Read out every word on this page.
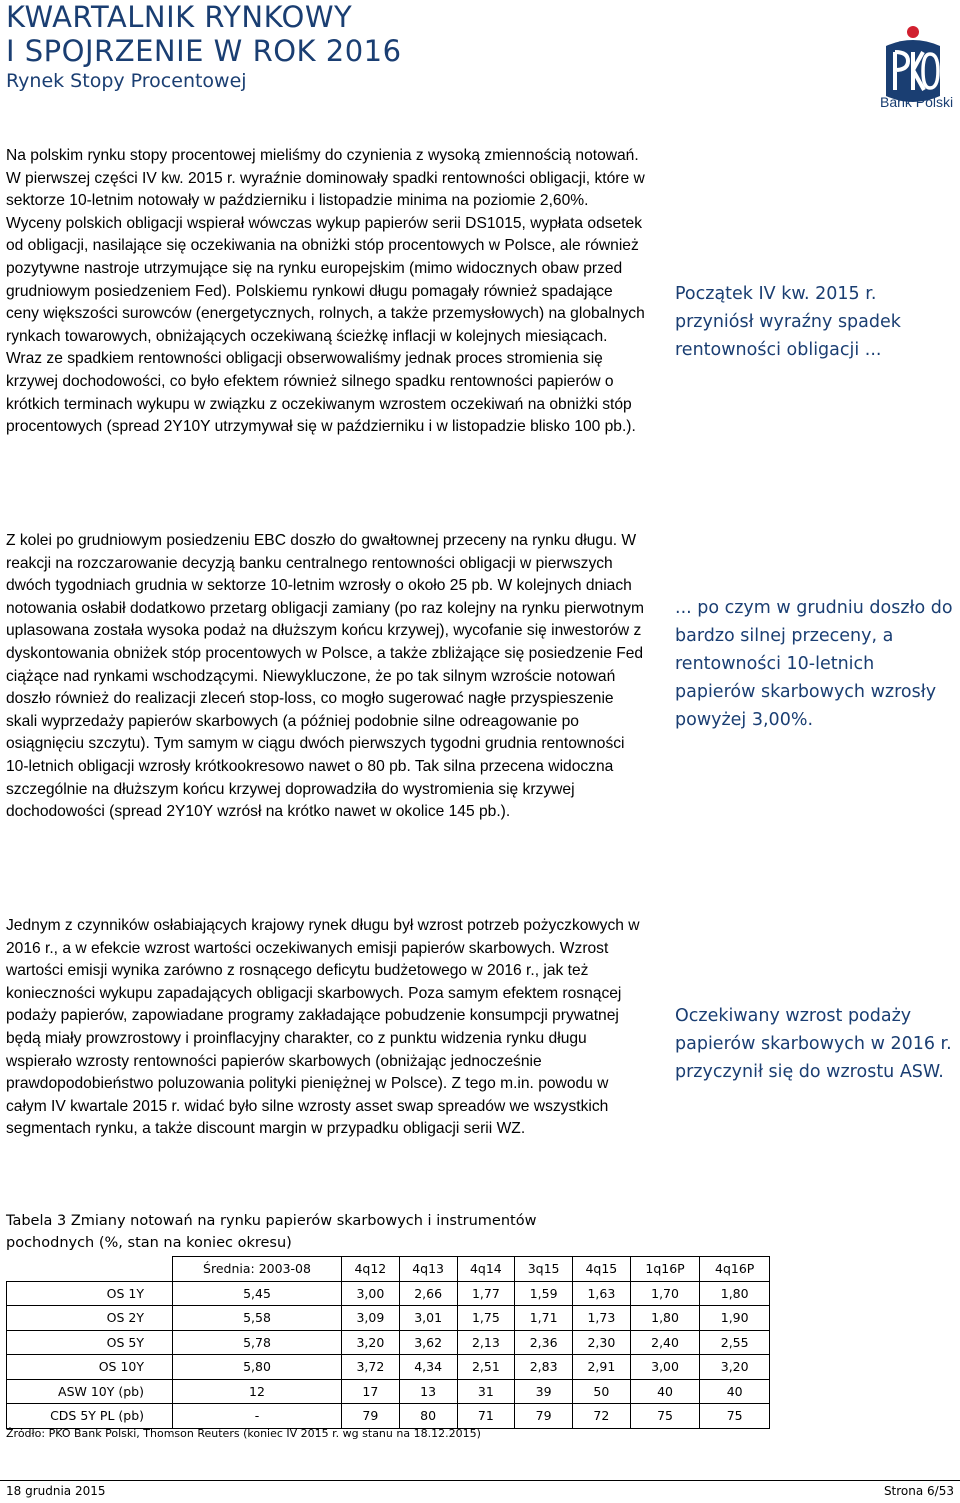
KWARTALNIK RYNKOWY
I SPOJRZENIE W ROK 2016
Rynek Stopy Procentowej
Bank Polski
Na polskim rynku stopy procentowej mieliśmy do czynienia z wysoką zmiennością notowań. W pierwszej części IV kw. 2015 r. wyraźnie dominowały spadki rentowności obligacji, które w sektorze 10-letnim notowały w październiku i listopadzie minima na poziomie 2,60%. Wyceny polskich obligacji wspierał wówczas wykup papierów serii DS1015, wypłata odsetek od obligacji, nasilające się oczekiwania na obniżki stóp procentowych w Polsce, ale również pozytywne nastroje utrzymujące się na rynku europejskim (mimo widocznych obaw przed grudniowym posiedzeniem Fed). Polskiemu rynkowi długu pomagały również spadające ceny większości surowców (energetycznych, rolnych, a także przemysłowych) na globalnych rynkach towarowych, obniżających oczekiwaną ścieżkę inflacji w kolejnych miesiącach. Wraz ze spadkiem rentowności obligacji obserwowaliśmy jednak proces stromienia się krzywej dochodowości, co było efektem również silnego spadku rentowności papierów o krótkich terminach wykupu w związku z oczekiwanym wzrostem oczekiwań na obniżki stóp procentowych (spread 2Y10Y utrzymywał się w październiku i w listopadzie blisko 100 pb.).
Z kolei po grudniowym posiedzeniu EBC doszło do gwałtownej przeceny na rynku długu. W reakcji na rozczarowanie decyzją banku centralnego rentowności obligacji w pierwszych dwóch tygodniach grudnia w sektorze 10-letnim wzrosły o około 25 pb. W kolejnych dniach notowania osłabił dodatkowo przetarg obligacji zamiany (po raz kolejny na rynku pierwotnym uplasowana została wysoka podaż na dłuższym końcu krzywej), wycofanie się inwestorów z dyskontowania obniżek stóp procentowych w Polsce, a także zbliżające się posiedzenie Fed ciążące nad rynkami wschodzącymi. Niewykluczone, że po tak silnym wzroście notowań doszło również do realizacji zleceń stop-loss, co mogło sugerować nagłe przyspieszenie skali wyprzedaży papierów skarbowych (a później podobnie silne odreagowanie po osiągnięciu szczytu). Tym samym w ciągu dwóch pierwszych tygodni grudnia rentowności 10-letnich obligacji wzrosły krótkookresowo nawet o 80 pb. Tak silna przecena widoczna szczególnie na dłuższym końcu krzywej doprowadziła do wystromienia się krzywej dochodowości (spread 2Y10Y wzrósł na krótko nawet w okolice 145 pb.).
Jednym z czynników osłabiających krajowy rynek długu był wzrost potrzeb pożyczkowych w 2016 r., a w efekcie wzrost wartości oczekiwanych emisji papierów skarbowych. Wzrost wartości emisji wynika zarówno z rosnącego deficytu budżetowego w 2016 r., jak też konieczności wykupu zapadających obligacji skarbowych. Poza samym efektem rosnącej podaży papierów, zapowiadane programy zakładające pobudzenie konsumpcji prywatnej będą miały prowzrostowy i proinflacyjny charakter, co z punktu widzenia rynku długu wspierało wzrosty rentowności papierów skarbowych (obniżając jednocześnie prawdopodobieństwo poluzowania polityki pieniężnej w Polsce). Z tego m.in. powodu w całym IV kwartale 2015 r. widać było silne wzrosty asset swap spreadów we wszystkich segmentach rynku, a także discount margin w przypadku obligacji serii WZ.
Początek IV kw. 2015 r. przyniósł wyraźny spadek rentowności obligacji ...
... po czym w grudniu doszło do bardzo silnej przeceny, a rentowności 10-letnich papierów skarbowych wzrosły powyżej 3,00%.
Oczekiwany wzrost podaży papierów skarbowych w 2016 r. przyczynił się do wzrostu ASW.
Tabela 3 Zmiany notowań na rynku papierów skarbowych i instrumentów pochodnych (%, stan na koniec okresu)
	Średnia: 2003-08	4q12	4q13	4q14	3q15	4q15	1q16P	4q16P
OS 1Y	5,45	3,00	2,66	1,77	1,59	1,63	1,70	1,80
OS 2Y	5,58	3,09	3,01	1,75	1,71	1,73	1,80	1,90
OS 5Y	5,78	3,20	3,62	2,13	2,36	2,30	2,40	2,55
OS 10Y	5,80	3,72	4,34	2,51	2,83	2,91	3,00	3,20
ASW 10Y (pb)	12	17	13	31	39	50	40	40
CDS 5Y PL (pb)	-	79	80	71	79	72	75	75
Źródło: PKO Bank Polski, Thomson Reuters (koniec IV 2015 r. wg stanu na 18.12.2015)
18 grudnia 2015	Strona 6/53
